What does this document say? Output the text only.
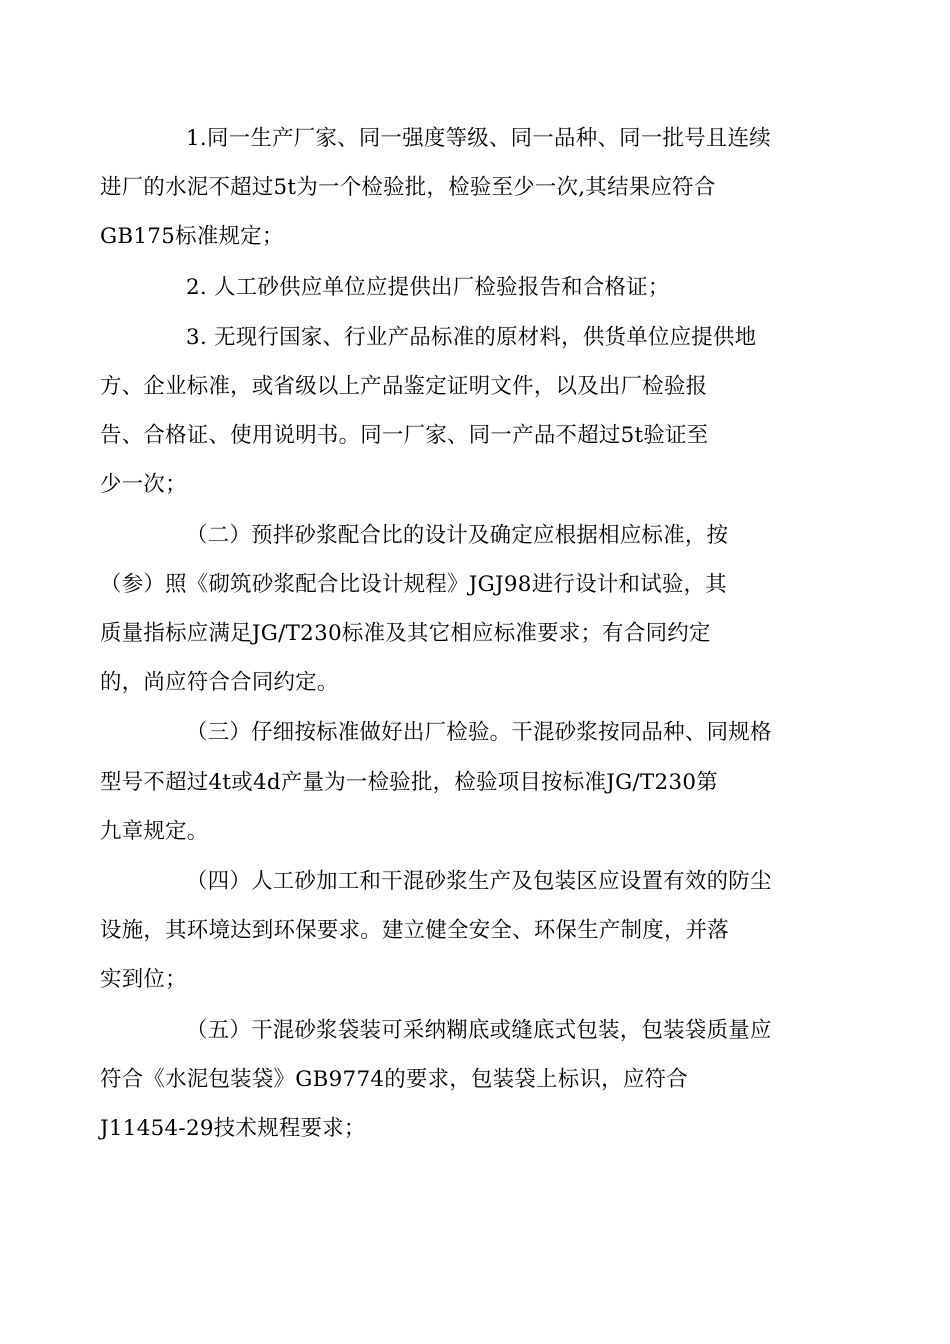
1.同一生产厂家、同一强度等级、同一品种、同一批号且连续
进厂的水泥不超过5t为一个检验批，检验至少一次,其结果应符合
GB175标准规定；

2. 人工砂供应单位应提供出厂检验报告和合格证；

3. 无现行国家、行业产品标准的原材料，供货单位应提供地
方、企业标准，或省级以上产品鉴定证明文件，以及出厂检验报
告、合格证、使用说明书。同一厂家、同一产品不超过5t验证至
少一次；

（二）预拌砂浆配合比的设计及确定应根据相应标准，按
（参）照《砌筑砂浆配合比设计规程》JGJ98进行设计和试验，其
质量指标应满足JG/T230标准及其它相应标准要求；有合同约定
的，尚应符合合同约定。

（三）仔细按标准做好出厂检验。干混砂浆按同品种、同规格
型号不超过4t或4d产量为一检验批，检验项目按标准JG/T230第
九章规定。

（四）人工砂加工和干混砂浆生产及包装区应设置有效的防尘
设施，其环境达到环保要求。建立健全安全、环保生产制度，并落
实到位；

（五）干混砂浆袋装可采纳糊底或缝底式包装，包装袋质量应
符合《水泥包装袋》GB9774的要求，包装袋上标识，应符合
J11454-29技术规程要求；
